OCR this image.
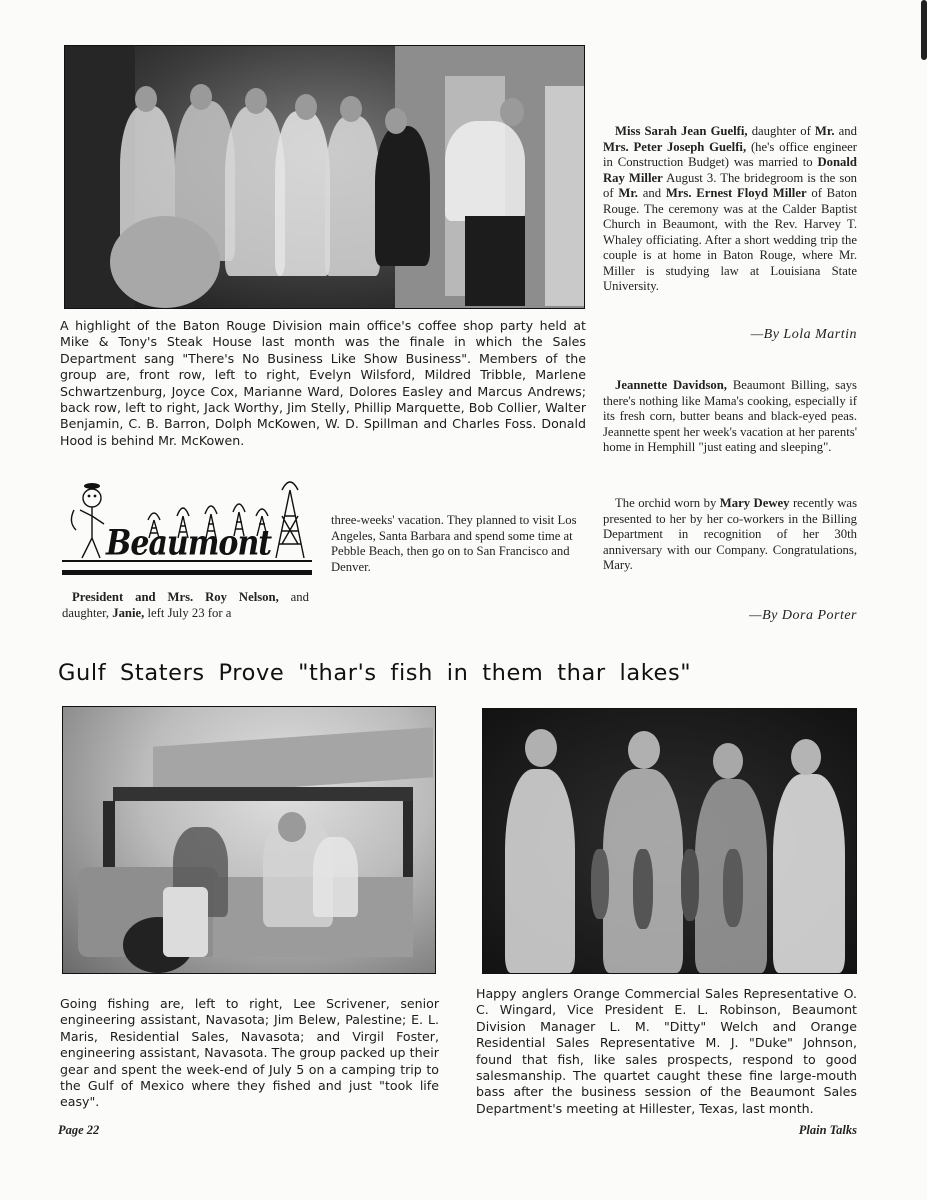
A highlight of the Baton Rouge Division main office's coffee shop party held at Mike & Tony's Steak House last month was the finale in which the Sales Department sang "There's No Business Like Show Business". Members of the group are, front row, left to right, Evelyn Wilsford, Mildred Tribble, Marlene Schwartzenburg, Joyce Cox, Marianne Ward, Dolores Easley and Marcus Andrews; back row, left to right, Jack Worthy, Jim Stelly, Phillip Marquette, Bob Collier, Walter Benjamin, C. B. Barron, Dolph McKowen, W. D. Spillman and Charles Foss. Donald Hood is behind Mr. McKowen.

Miss Sarah Jean Guelfi, daughter of Mr. and Mrs. Peter Joseph Guelfi, (he's office engineer in Construction Budget) was married to Donald Ray Miller August 3. The bridegroom is the son of Mr. and Mrs. Ernest Floyd Miller of Baton Rouge. The ceremony was at the Calder Baptist Church in Beaumont, with the Rev. Harvey T. Whaley officiating. After a short wedding trip the couple is at home in Baton Rouge, where Mr. Miller is studying law at Louisiana State University.

—By Lola Martin

Jeannette Davidson, Beaumont Billing, says there's nothing like Mama's cooking, especially if its fresh corn, butter beans and black-eyed peas. Jeannette spent her week's vacation at her parents' home in Hemphill "just eating and sleeping".

The orchid worn by Mary Dewey recently was presented to her by her co-workers in the Billing Department in recognition of her 30th anniversary with our Company. Congratulations, Mary.

—By Dora Porter
Beaumont

President and Mrs. Roy Nelson, and daughter, Janie, left July 23 for a

three-weeks' vacation. They planned to visit Los Angeles, Santa Barbara and spend some time at Pebble Beach, then go on to San Francisco and Denver.

Gulf Staters Prove "thar's fish in them thar lakes"

Going fishing are, left to right, Lee Scrivener, senior engineering assistant, Navasota; Jim Belew, Palestine; E. L. Maris, Residential Sales, Navasota; and Virgil Foster, engineering assistant, Navasota. The group packed up their gear and spent the week-end of July 5 on a camping trip to the Gulf of Mexico where they fished and just "took life easy".

Happy anglers Orange Commercial Sales Representative O. C. Wingard, Vice President E. L. Robinson, Beaumont Division Manager L. M. "Ditty" Welch and Orange Residential Sales Representative M. J. "Duke" Johnson, found that fish, like sales prospects, respond to good salesmanship. The quartet caught these fine large-mouth bass after the business session of the Beaumont Sales Department's meeting at Hillester, Texas, last month.

Page 22	Plain Talks
